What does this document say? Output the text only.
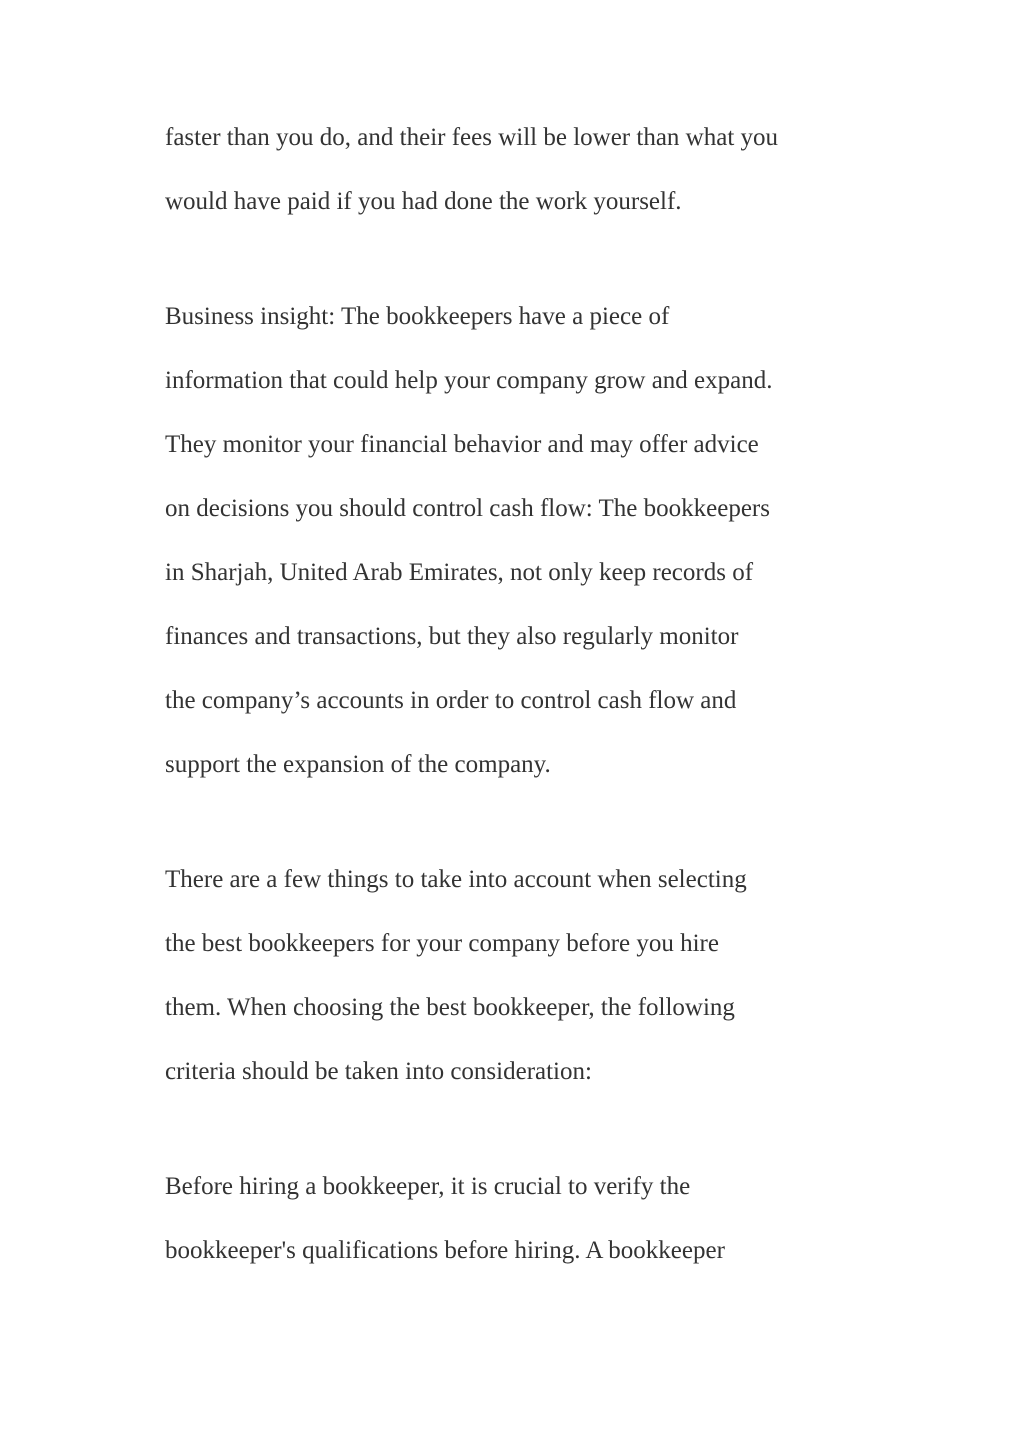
faster than you do, and their fees will be lower than what you
would have paid if you had done the work yourself.
Business insight: The bookkeepers have a piece of
information that could help your company grow and expand.
They monitor your financial behavior and may offer advice
on decisions you should control cash flow: The bookkeepers
in Sharjah, United Arab Emirates, not only keep records of
finances and transactions, but they also regularly monitor
the company’s accounts in order to control cash flow and
support the expansion of the company.
There are a few things to take into account when selecting
the best bookkeepers for your company before you hire
them. When choosing the best bookkeeper, the following
criteria should be taken into consideration:
Before hiring a bookkeeper, it is crucial to verify the
bookkeeper's qualifications before hiring. A bookkeeper
